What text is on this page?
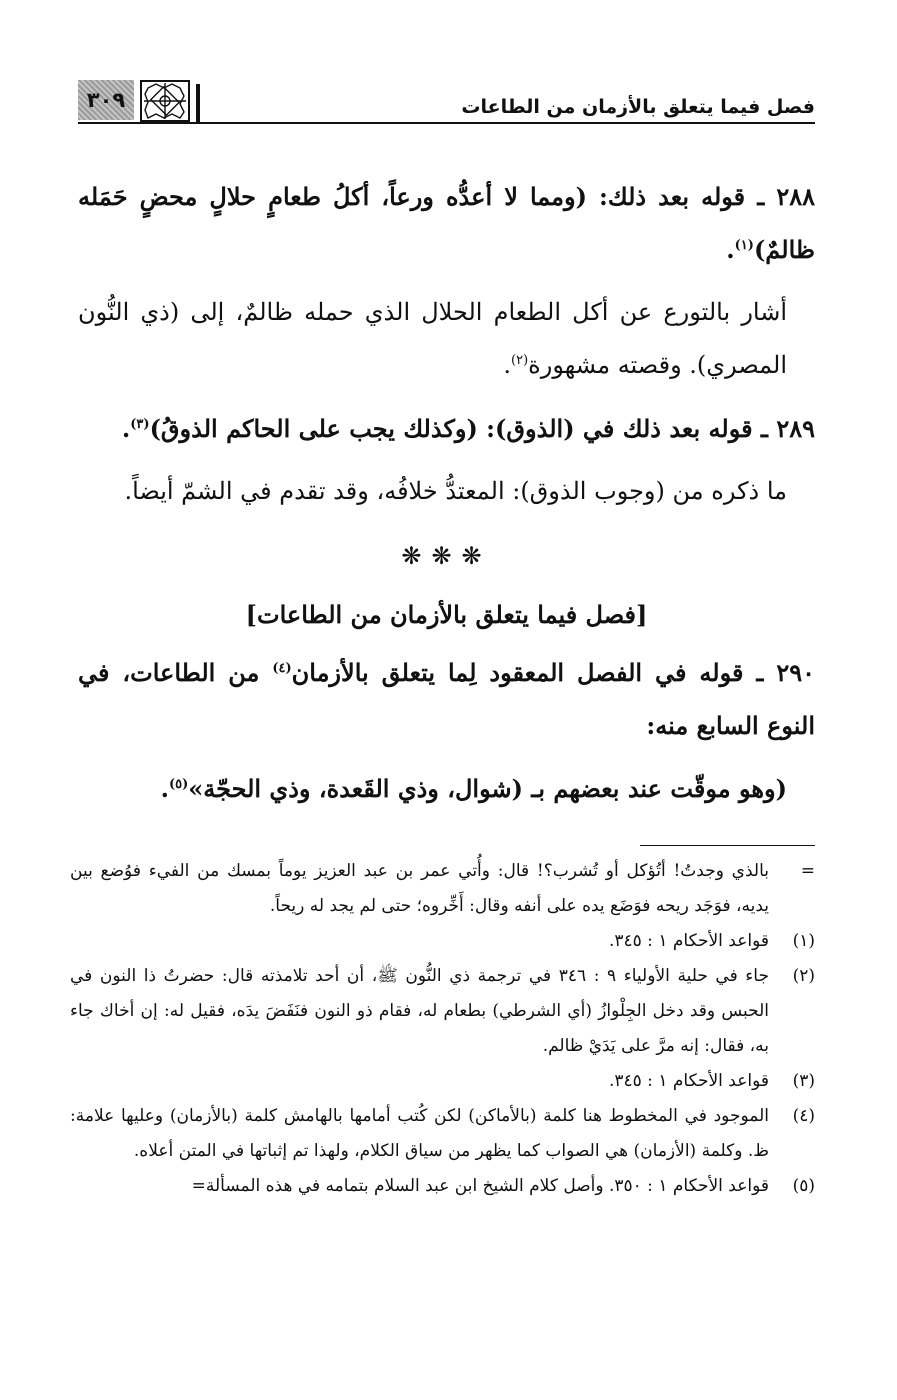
فصل فيما يتعلق بالأزمان من الطاعات
٣٠٩

٢٨٨ ـ قوله بعد ذلك: (ومما لا أعدُّه ورعاً، أكلُ طعامٍ حلالٍ محضٍ حَمَله ظالمٌ)$^{(١)}$.

أشار بالتورع عن أكل الطعام الحلال الذي حمله ظالمٌ، إلى (ذي النُّون المصري). وقصته مشهورة$^{(٢)}$.

٢٨٩ ـ قوله بعد ذلك في (الذوق): (وكذلك يجب على الحاكم الذوقُ)$^{(٣)}$.

ما ذكره من (وجوب الذوق): المعتدُّ خلافُه، وقد تقدم في الشمّ أيضاً.

❋❋❋
[فصل فيما يتعلق بالأزمان من الطاعات]

٢٩٠ ـ قوله في الفصل المعقود لِما يتعلق بالأزمان$^{(٤)}$ من الطاعات، في النوع السابع منه:

(وهو موقّت عند بعضهم بـ (شوال، وذي القَعدة، وذي الحجّة»$^{(٥)}$.

=
بالذي وجدتُ! أتُؤكل أو تُشرب؟! قال: وأُتي عمر بن عبد العزيز يوماً بمسك من الفيء فوُضع بين يديه، فوَجَد ريحه فوَضَع يده على أنفه وقال: أَخِّروه؛ حتى لم يجد له ريحاً.
(١)
قواعد الأحكام ١ : ٣٤٥.
(٢)
جاء في حلية الأولياء ٩ : ٣٤٦ في ترجمة ذي النُّون ﷺ، أن أحد تلامذته قال: حضرتُ ذا النون في الحبس وقد دخل الجِلْوازُ (أي الشرطي) بطعام له، فقام ذو النون فنَفَضَ يدَه، فقيل له: إن أخاك جاء به، فقال: إنه مرَّ على يَدَيْ ظالم.
(٣)
قواعد الأحكام ١ : ٣٤٥.
(٤)
الموجود في المخطوط هنا كلمة (بالأماكن) لكن كُتب أمامها بالهامش كلمة (بالأزمان) وعليها علامة: ظ. وكلمة (الأزمان) هي الصواب كما يظهر من سياق الكلام، ولهذا تم إثباتها في المتن أعلاه.
(٥)
قواعد الأحكام ١ : ٣٥٠. وأصل كلام الشيخ ابن عبد السلام بتمامه في هذه المسألة=
